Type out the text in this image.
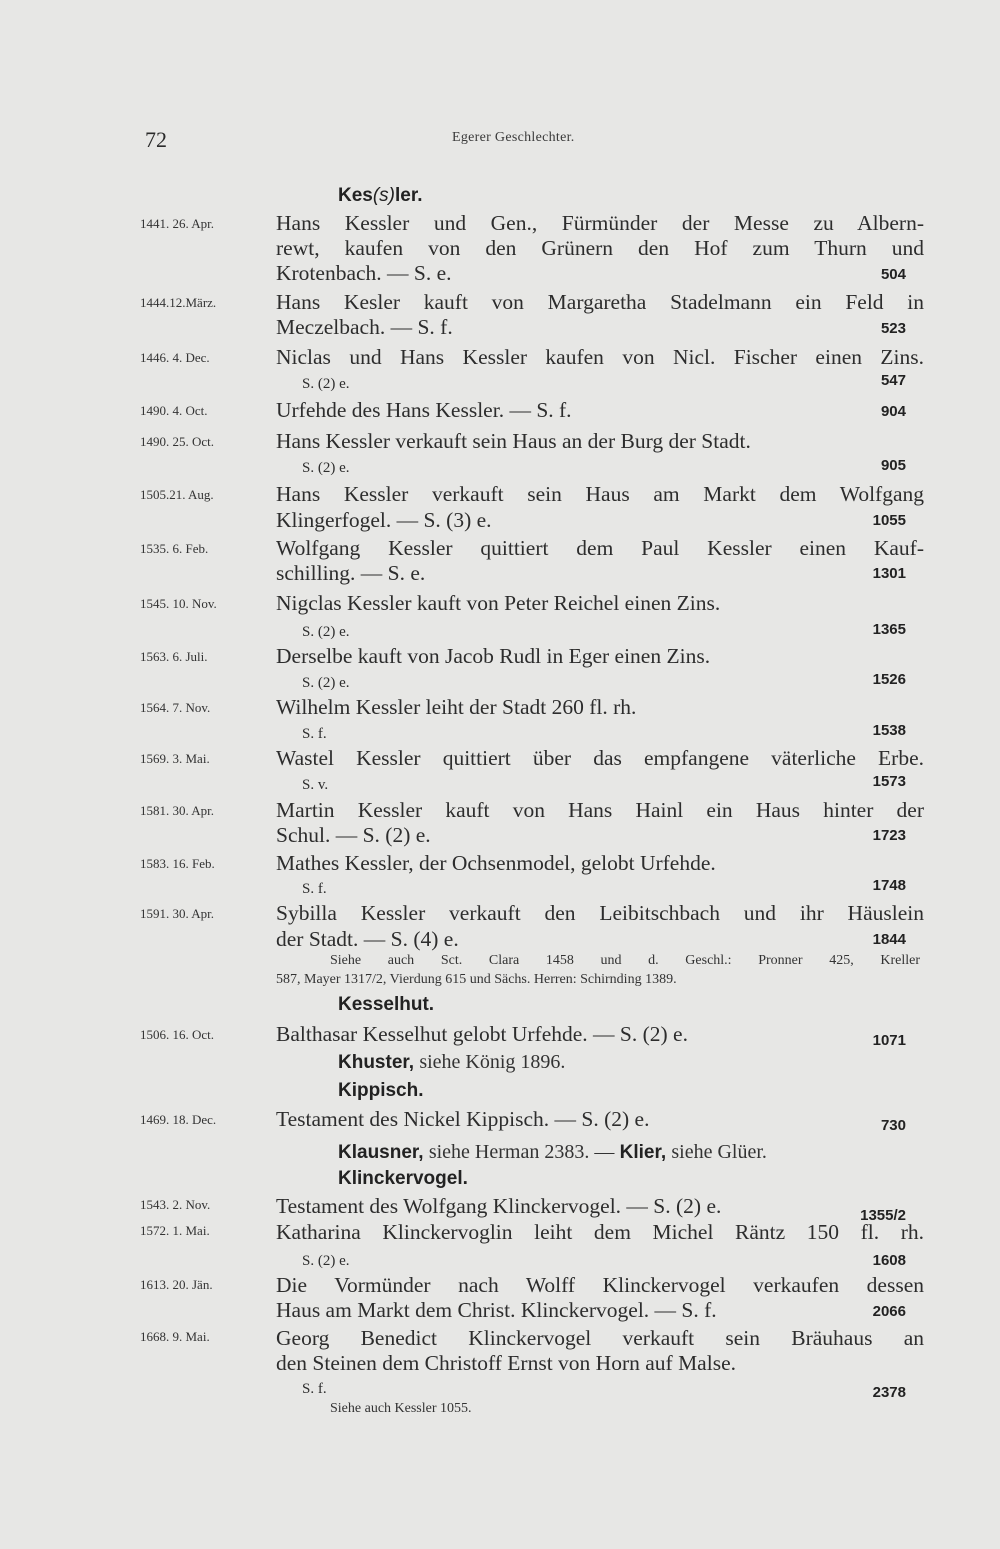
72	Egerer Geschlechter.
Kes(s)ler.
1441. 26. Apr.	Hans Kessler und Gen., Fürmünder der Messe zu Albern-
rewt, kaufen von den Grünern den Hof zum Thurn und
Krotenbach. — S. e.	504
1444.12.März.	Hans Kesler kauft von Margaretha Stadelmann ein Feld in
Meczelbach. — S. f.	523
1446. 4. Dec.	Niclas und Hans Kessler kaufen von Nicl. Fischer einen Zins.
S. (2) e.	547
1490. 4. Oct.	Urfehde des Hans Kessler. — S. f.	904
1490. 25. Oct.	Hans Kessler verkauft sein Haus an der Burg der Stadt.
S. (2) e.	905
1505.21. Aug.	Hans Kessler verkauft sein Haus am Markt dem Wolfgang
Klingerfogel. — S. (3) e.	1055
1535. 6. Feb.	Wolfgang Kessler quittiert dem Paul Kessler einen Kauf-
schilling. — S. e.	1301
1545. 10. Nov.	Nigclas Kessler kauft von Peter Reichel einen Zins.
S. (2) e.	1365
1563. 6. Juli.	Derselbe kauft von Jacob Rudl in Eger einen Zins.
S. (2) e.	1526
1564. 7. Nov.	Wilhelm Kessler leiht der Stadt 260 fl. rh.
S. f.	1538
1569. 3. Mai.	Wastel Kessler quittiert über das empfangene väterliche Erbe.
S. v.	1573
1581. 30. Apr.	Martin Kessler kauft von Hans Hainl ein Haus hinter der
Schul. — S. (2) e.	1723
1583. 16. Feb.	Mathes Kessler, der Ochsenmodel, gelobt Urfehde.
S. f.	1748
1591. 30. Apr.	Sybilla Kessler verkauft den Leibitschbach und ihr Häuslein
der Stadt. — S. (4) e.	1844
Siehe auch Sct. Clara 1458 und d. Geschl.: Pronner 425, Kreller
587, Mayer 1317/2, Vierdung 615 und Sächs. Herren: Schirnding 1389.
Kesselhut.
1506. 16. Oct.	Balthasar Kesselhut gelobt Urfehde. — S. (2) e.	1071
Khuster, siehe König 1896.
Kippisch.
1469. 18. Dec.	Testament des Nickel Kippisch. — S. (2) e.	730
Klausner, siehe Herman 2383. — Klier, siehe Glüer.
Klinckervogel.
1543. 2. Nov.	Testament des Wolfgang Klinckervogel. — S. (2) e.	1355/2
1572. 1. Mai.	Katharina Klinckervoglin leiht dem Michel Räntz 150 fl. rh.
S. (2) e.	1608
1613. 20. Jän.	Die Vormünder nach Wolff Klinckervogel verkaufen dessen
Haus am Markt dem Christ. Klinckervogel. — S. f.	2066
1668. 9. Mai.	Georg Benedict Klinckervogel verkauft sein Bräuhaus an
den Steinen dem Christoff Ernst von Horn auf Malse.
S. f.	2378
Siehe auch Kessler 1055.
